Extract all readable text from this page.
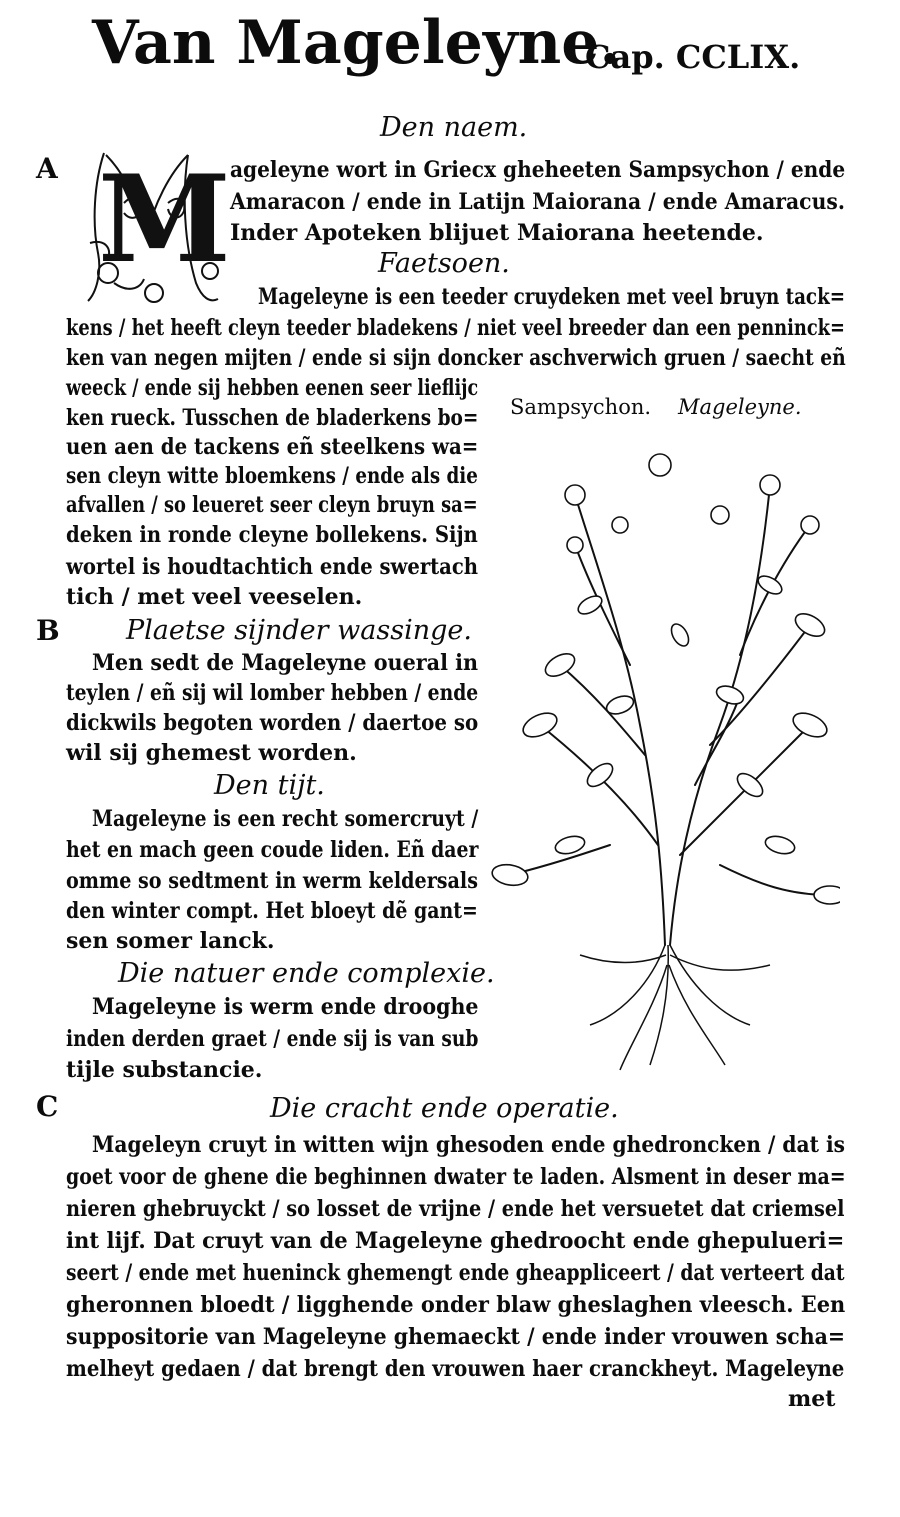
Van Mageleyne.
Cap. CCLIX.
Den naem.
A M ageleyne wort in Griecx gheheeten Sampsychon / ende
Amaracon / ende in Latijn Maiorana / ende Amaracus.
Inder Apoteken blijuet Maiorana heetende.
Faetsoen.
Mageleyne is een teeder cruydeken met veel bruyn tack=
kens / het heeft cleyn teeder bladekens / niet veel breeder dan een penninck=
ken van negen mijten / ende si sijn doncker aschverwich gruen / saecht eñ
weeck / ende sij hebben eenen seer lieflijc
ken rueck. Tusschen de bladerkens bo=
uen aen de tackens eñ steelkens wa=
sen cleyn witte bloemkens / ende als die
afvallen / so leueret seer cleyn bruyn sa=
deken in ronde cleyne bollekens. Sijn
wortel is houdtachtich ende swertach
tich / met veel veeselen.
B Plaetse sijnder wassinge.
Men sedt de Mageleyne oueral in
teylen / eñ sij wil lomber hebben / ende
dickwils begoten worden / daertoe so
wil sij ghemest worden.
Den tijt.
Mageleyne is een recht somercruyt /
het en mach geen coude liden. Eñ daer
omme so sedtment in werm keldersals
den winter compt. Het bloeyt dẽ gant=
sen somer lanck.
Die natuer ende complexie.
Mageleyne is werm ende drooghe
inden derden graet / ende sij is van sub
tijle substancie.
Sampsychon. Mageleyne.
C	Die cracht ende operatie.
Mageleyn cruyt in witten wijn ghesoden ende ghedroncken / dat is
goet voor de ghene die beghinnen dwater te laden. Alsment in deser ma=
nieren ghebruyckt / so losset de vrijne / ende het versuetet dat criemsel
int lijf. Dat cruyt van de Mageleyne ghedroocht ende ghepulueri=
seert / ende met hueninck ghemengt ende gheappliceert / dat verteert dat
gheronnen bloedt / ligghende onder blaw gheslaghen vleesch. Een
suppositorie van Mageleyne ghemaeckt / ende inder vrouwen scha=
melheyt gedaen / dat brengt den vrouwen haer cranckheyt. Mageleyne
met
